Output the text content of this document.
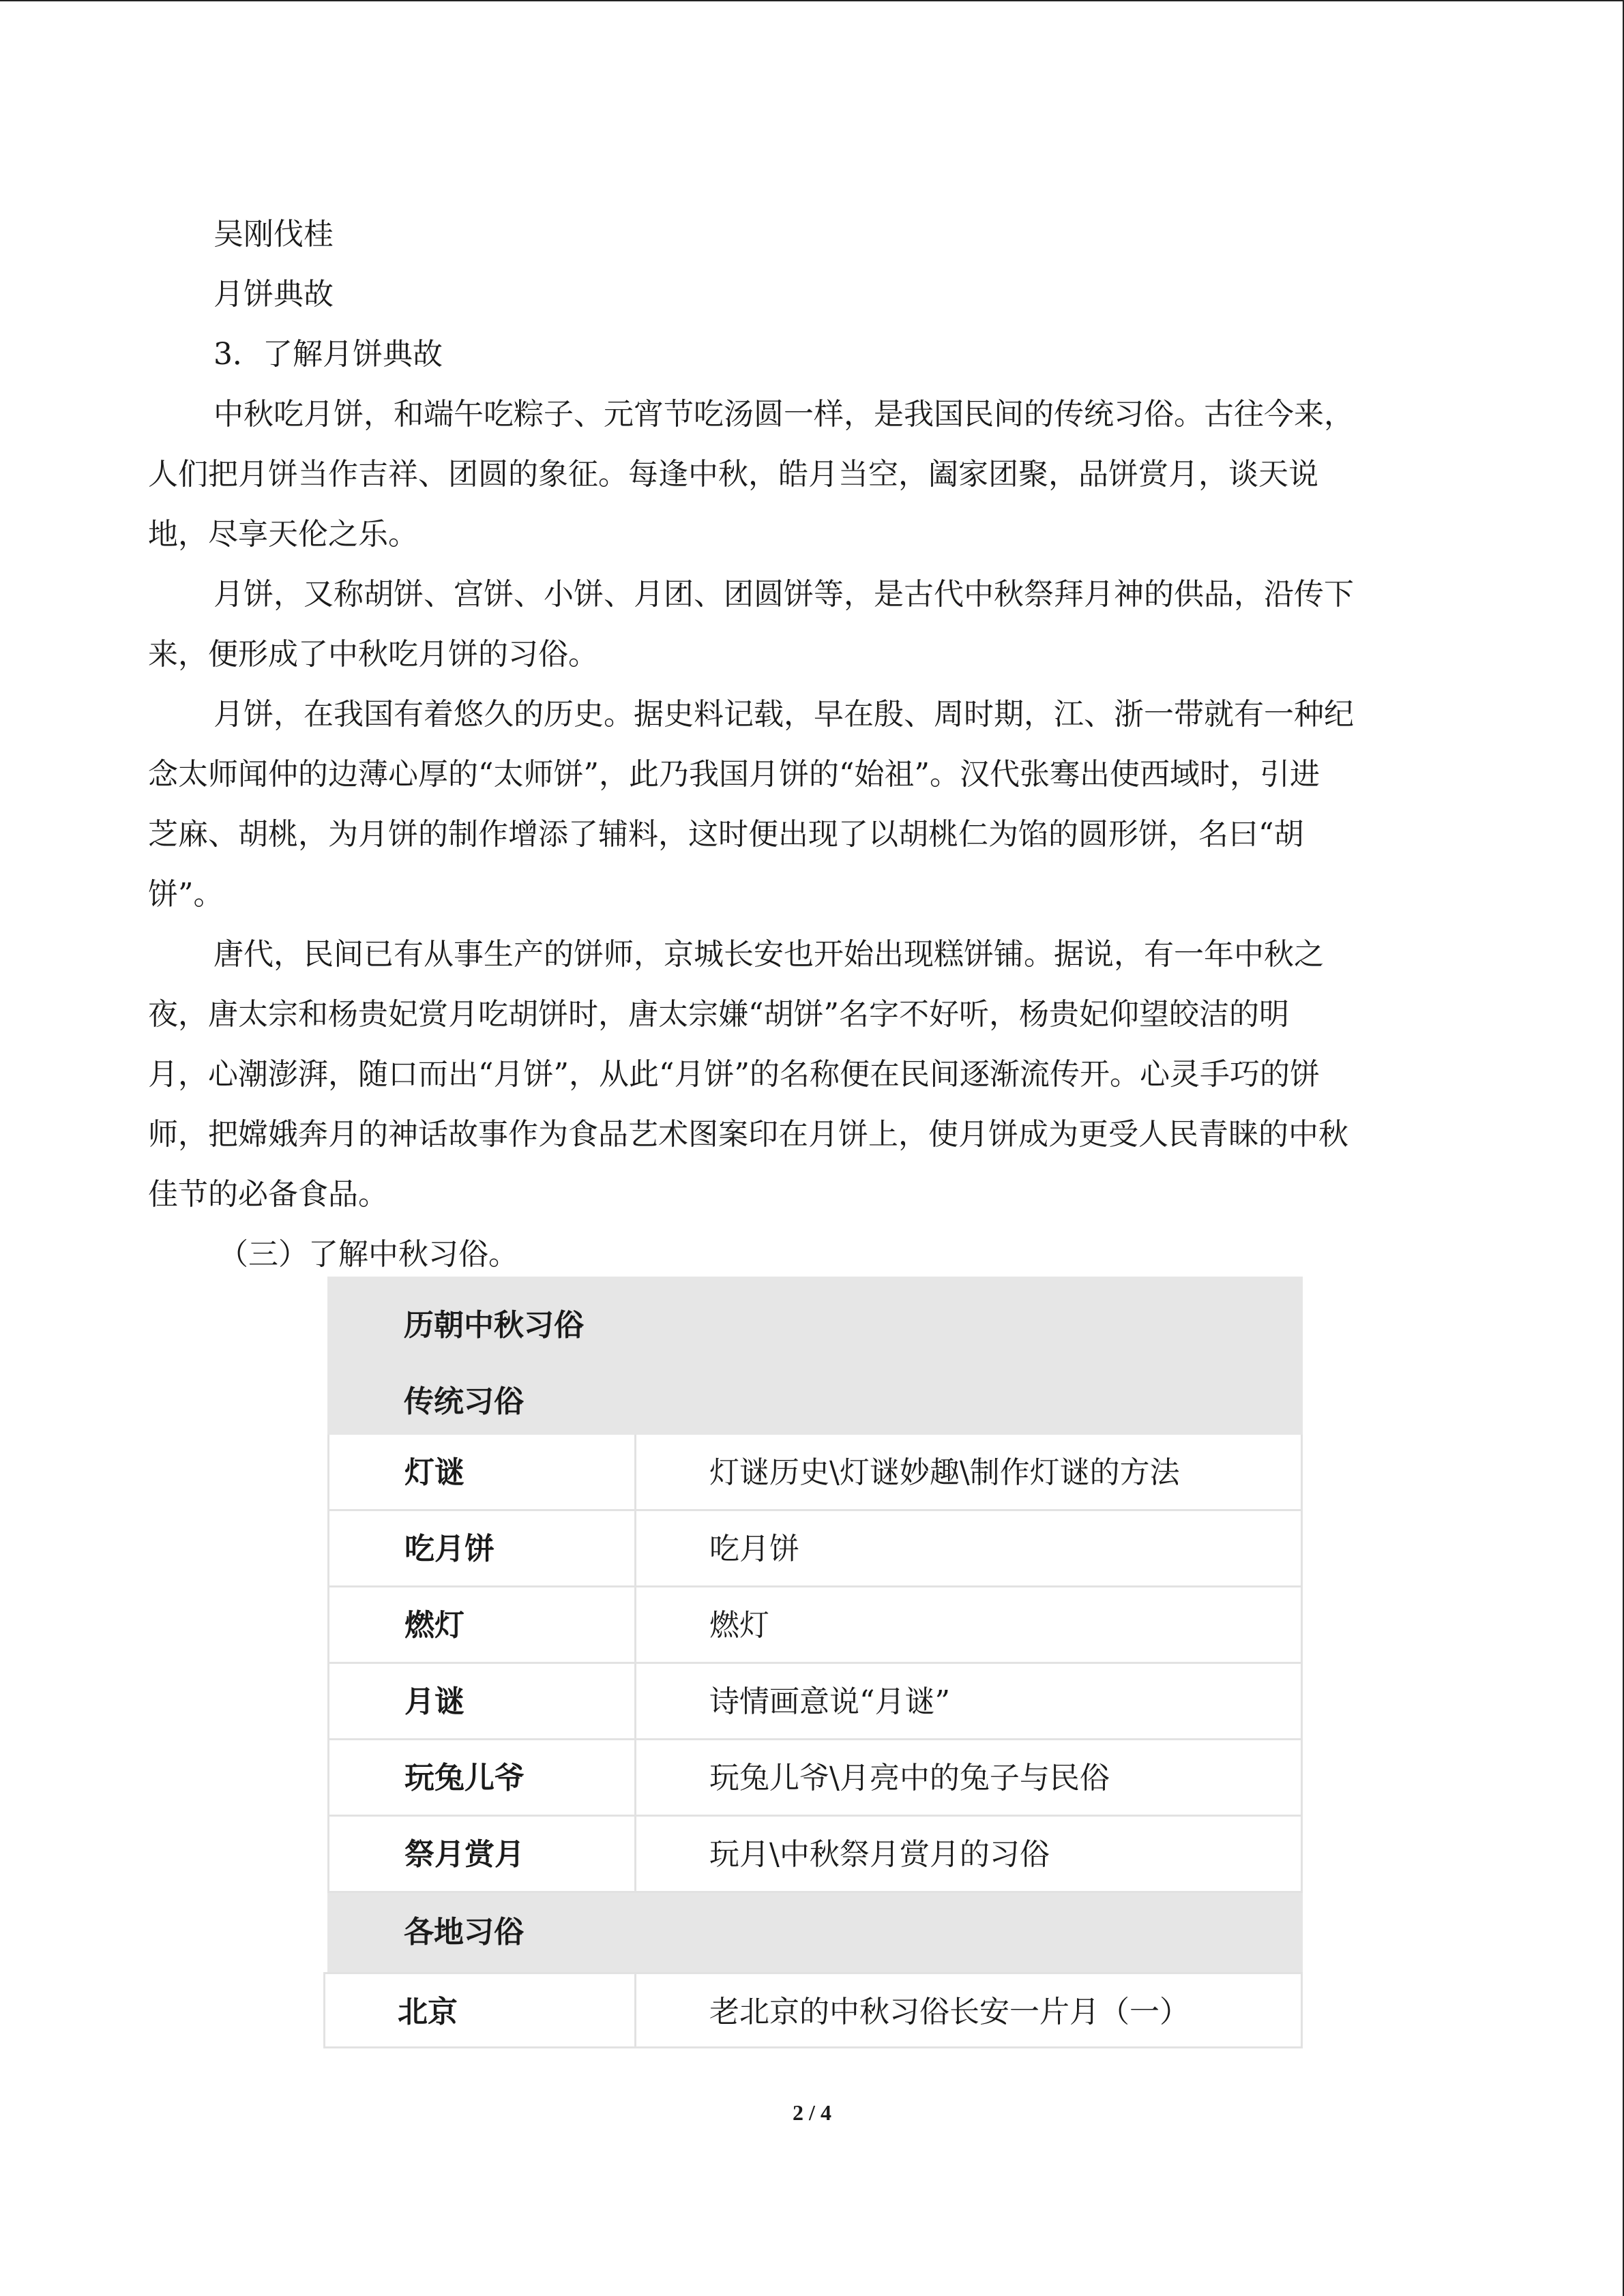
吴刚伐桂
月饼典故
3．了解月饼典故
中秋吃月饼，和端午吃粽子、元宵节吃汤圆一样，是我国民间的传统习俗。古往今来，
人们把月饼当作吉祥、团圆的象征。每逢中秋，皓月当空，阖家团聚，品饼赏月，谈天说
地，尽享天伦之乐。
月饼，又称胡饼、宫饼、小饼、月团、团圆饼等，是古代中秋祭拜月神的供品，沿传下
来，便形成了中秋吃月饼的习俗。
月饼，在我国有着悠久的历史。据史料记载，早在殷、周时期，江、浙一带就有一种纪
念太师闻仲的边薄心厚的“太师饼”，此乃我国月饼的“始祖”。汉代张骞出使西域时，引进
芝麻、胡桃，为月饼的制作增添了辅料，这时便出现了以胡桃仁为馅的圆形饼，名曰“胡
饼”。
唐代，民间已有从事生产的饼师，京城长安也开始出现糕饼铺。据说，有一年中秋之
夜，唐太宗和杨贵妃赏月吃胡饼时，唐太宗嫌“胡饼”名字不好听，杨贵妃仰望皎洁的明
月，心潮澎湃，随口而出“月饼”，从此“月饼”的名称便在民间逐渐流传开。心灵手巧的饼
师，把嫦娥奔月的神话故事作为食品艺术图案印在月饼上，使月饼成为更受人民青睐的中秋
佳节的必备食品。
（三）了解中秋习俗。
历朝中秋习俗
传统习俗
灯谜	灯谜历史\灯谜妙趣\制作灯谜的方法
吃月饼	吃月饼
燃灯	燃灯
月谜	诗情画意说“月谜”
玩兔儿爷	玩兔儿爷\月亮中的兔子与民俗
祭月赏月	玩月\中秋祭月赏月的习俗
各地习俗
北京	老北京的中秋习俗长安一片月（一）
2 / 4
